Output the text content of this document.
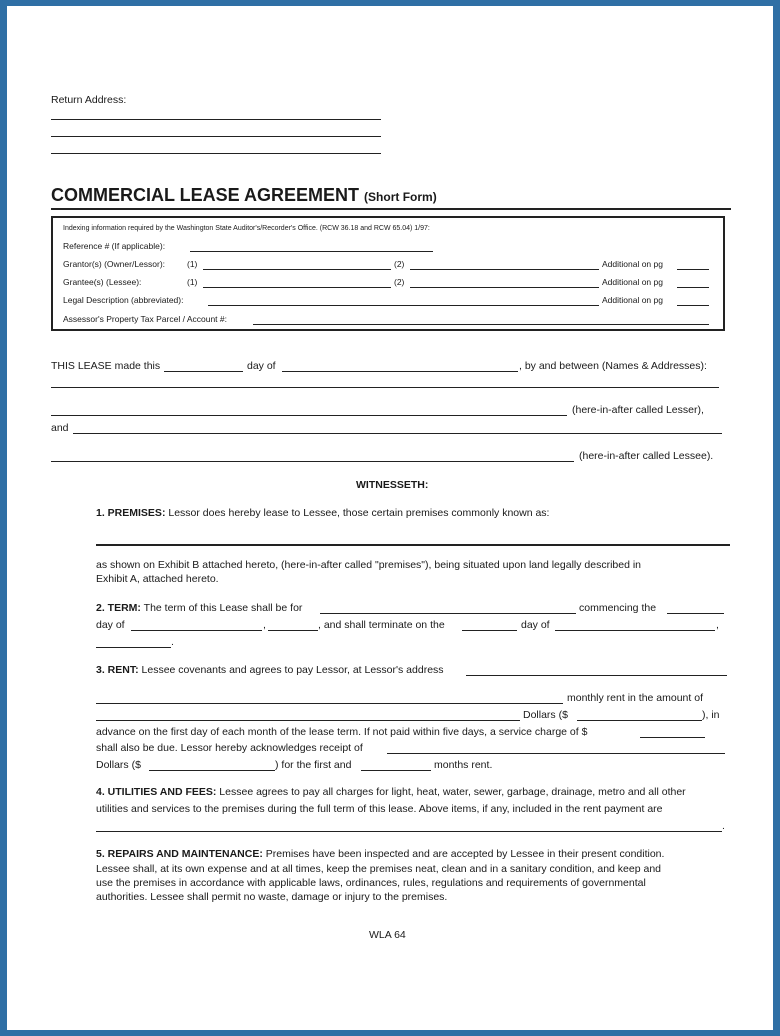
Return Address:
COMMERCIAL LEASE AGREEMENT (Short Form)
Indexing information required by the Washington State Auditor's/Recorder's Office. (RCW 36.18 and RCW 65.04) 1/97:
Reference # (If applicable):
Grantor(s) (Owner/Lessor):	(1)	(2)	Additional on pg
Grantee(s) (Lessee):	(1)	(2)	Additional on pg
Legal Description (abbreviated):	Additional on pg
Assessor's Property Tax Parcel / Account #:
THIS LEASE made this	day of	, by and between (Names & Addresses):
(here-in-after called Lesser),
and
(here-in-after called Lessee).
WITNESSETH:
1. PREMISES: Lessor does hereby lease to Lessee, those certain premises commonly known as:
as shown on Exhibit B attached hereto, (here-in-after called "premises"), being situated upon land legally described in
Exhibit A, attached hereto.
2. TERM: The term of this Lease shall be for	commencing the
day of	,	, and shall terminate on the	day of	,
.
3. RENT: Lessee covenants and agrees to pay Lessor, at Lessor's address
monthly rent in the amount of
Dollars ($	), in
advance on the first day of each month of the lease term. If not paid within five days, a service charge of $
shall also be due. Lessor hereby acknowledges receipt of
Dollars ($	) for the first and	months rent.
4. UTILITIES AND FEES: Lessee agrees to pay all charges for light, heat, water, sewer, garbage, drainage, metro and all other
utilities and services to the premises during the full term of this lease. Above items, if any, included in the rent payment are
.
5. REPAIRS AND MAINTENANCE: Premises have been inspected and are accepted by Lessee in their present condition.
Lessee shall, at its own expense and at all times, keep the premises neat, clean and in a sanitary condition, and keep and
use the premises in accordance with applicable laws, ordinances, rules, regulations and requirements of governmental
authorities. Lessee shall permit no waste, damage or injury to the premises.
WLA 64
